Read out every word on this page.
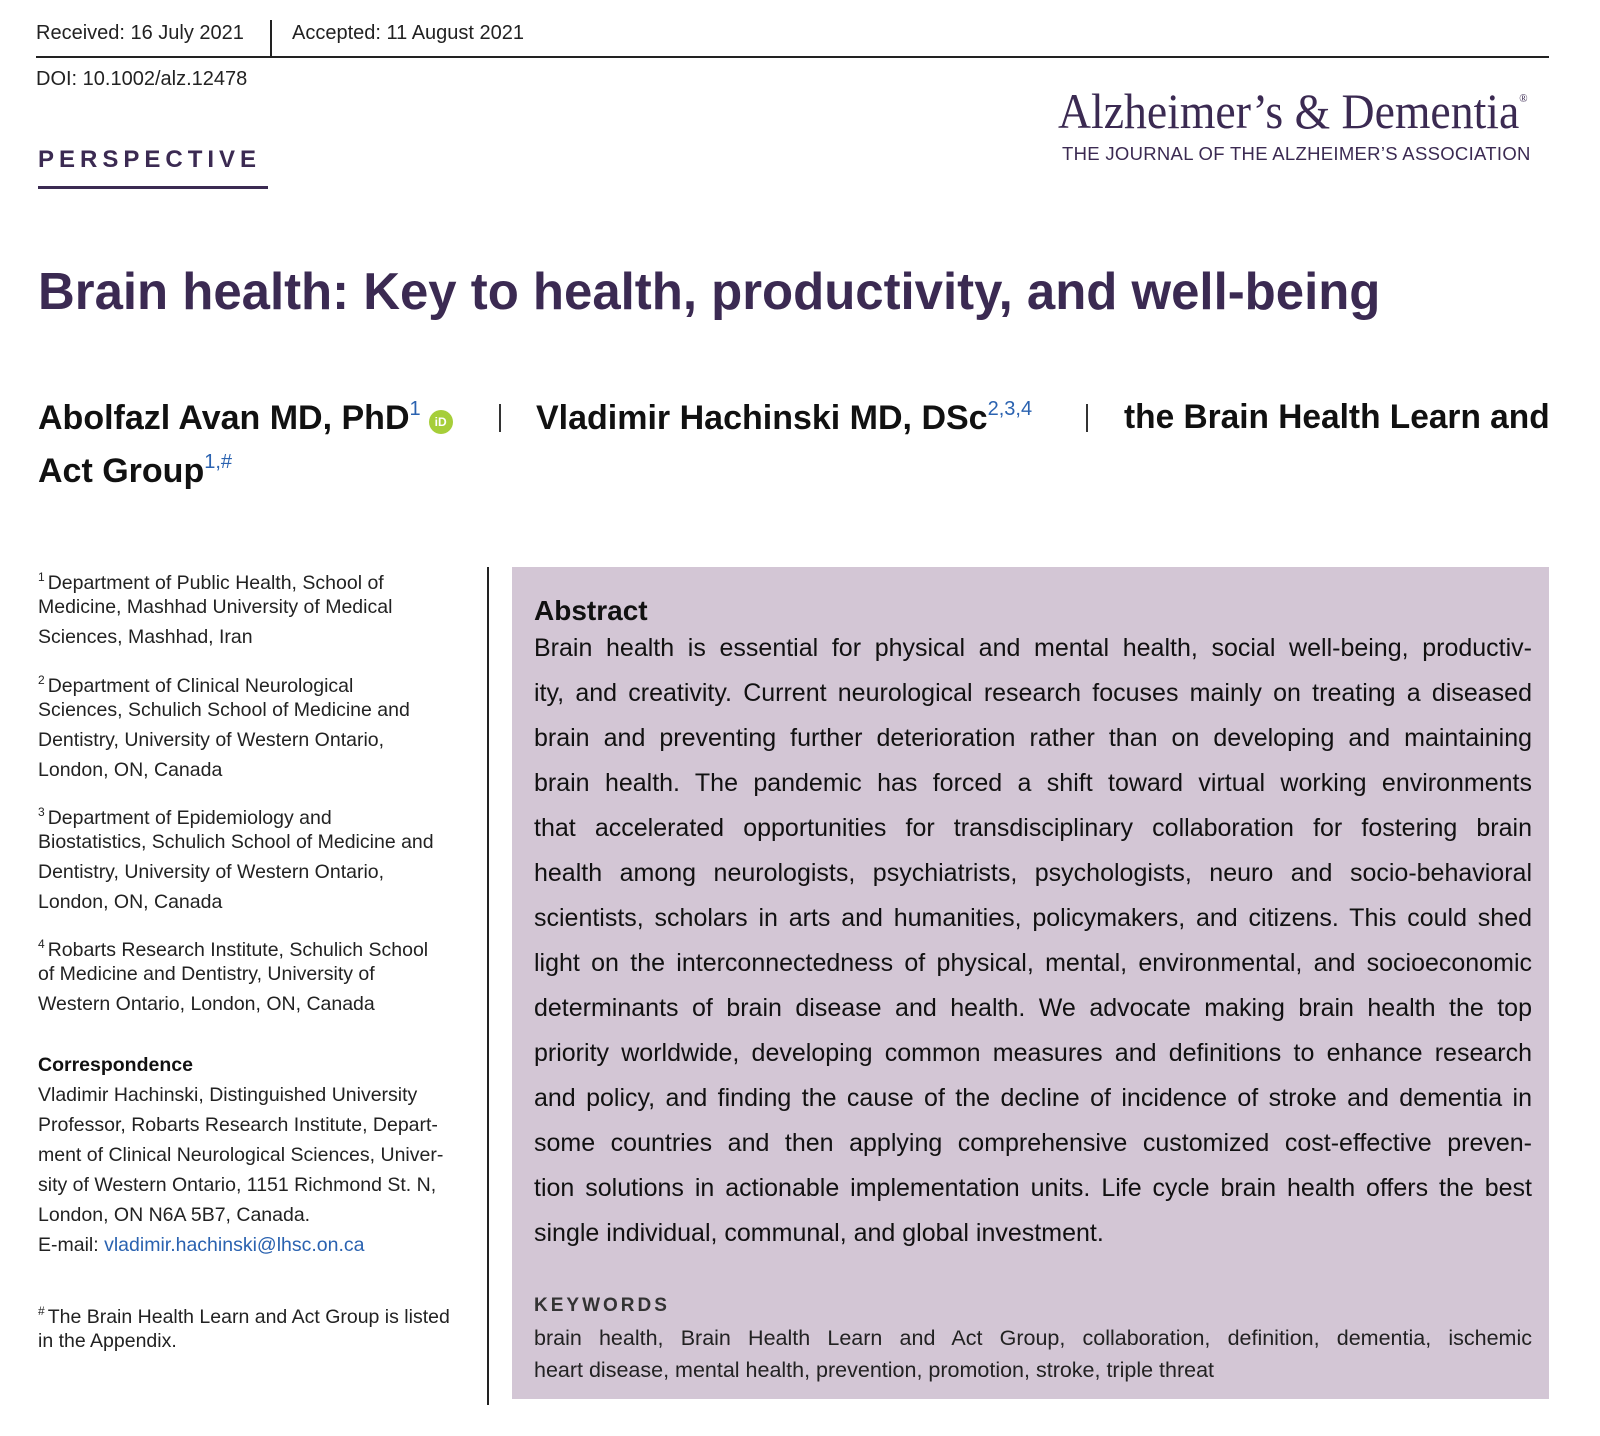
Received: 16 July 2021 Accepted: 11 August 2021
DOI: 10.1002/alz.12478
PERSPECTIVE
Alzheimer’s & Dementia®
THE JOURNAL OF THE ALZHEIMER’S ASSOCIATION
Brain health: Key to health, productivity, and well-being
Abolfazl Avan MD, PhD$^1$iD	Vladimir Hachinski MD, DSc$^{2,3,4}$	the Brain Health Learn and
Act Group$^{1,\#}$
$^1$ Department of Public Health, School of
Medicine, Mashhad University of Medical
Sciences, Mashhad, Iran
$^2$ Department of Clinical Neurological
Sciences, Schulich School of Medicine and
Dentistry, University of Western Ontario,
London, ON, Canada
$^3$ Department of Epidemiology and
Biostatistics, Schulich School of Medicine and
Dentistry, University of Western Ontario,
London, ON, Canada
$^4$ Robarts Research Institute, Schulich School
of Medicine and Dentistry, University of
Western Ontario, London, ON, Canada
Correspondence
Vladimir Hachinski, Distinguished University
Professor, Robarts Research Institute, Depart-
ment of Clinical Neurological Sciences, Univer-
sity of Western Ontario, 1151 Richmond St. N,
London, ON N6A 5B7, Canada.
E-mail: vladimir.hachinski@lhsc.on.ca
# The Brain Health Learn and Act Group is listed
in the Appendix.
Abstract
Brain health is essential for physical and mental health, social well-being, productiv-
ity, and creativity. Current neurological research focuses mainly on treating a diseased
brain and preventing further deterioration rather than on developing and maintaining
brain health. The pandemic has forced a shift toward virtual working environments
that accelerated opportunities for transdisciplinary collaboration for fostering brain
health among neurologists, psychiatrists, psychologists, neuro and socio-behavioral
scientists, scholars in arts and humanities, policymakers, and citizens. This could shed
light on the interconnectedness of physical, mental, environmental, and socioeconomic
determinants of brain disease and health. We advocate making brain health the top
priority worldwide, developing common measures and definitions to enhance research
and policy, and finding the cause of the decline of incidence of stroke and dementia in
some countries and then applying comprehensive customized cost-effective preven-
tion solutions in actionable implementation units. Life cycle brain health offers the best
single individual, communal, and global investment.
KEYWORDS
brain health, Brain Health Learn and Act Group, collaboration, definition, dementia, ischemic
heart disease, mental health, prevention, promotion, stroke, triple threat
